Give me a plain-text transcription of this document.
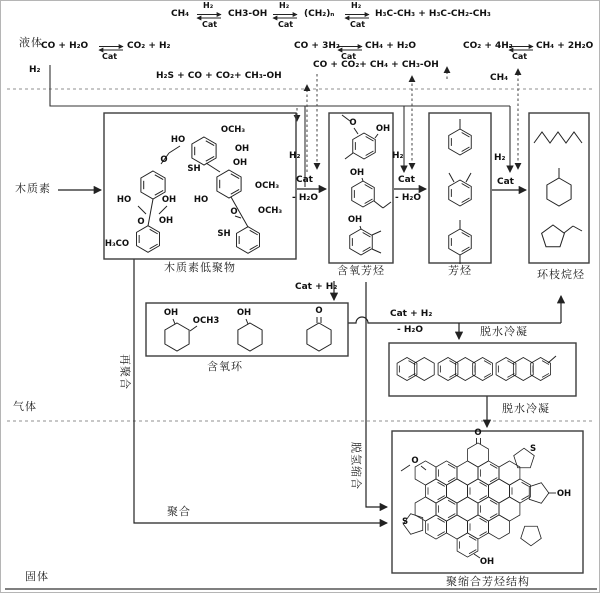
OCH₃
HO
OH
OH
OCH₃
O
SH
HO	OH HO
O OH
H₃CO
O OCH₃
SH
O
OH
OH
OH
OH
OCH3
OH	O
O
S
OH
O
S
OH
CH₄
H₂
Cat
CH3-OH
H₂
Cat
(CH₂)ₙ
H₂
Cat
H₃C-CH₃ + H₃C-CH₂-CH₃
CO + H₂O
Cat
CO₂ + H₂	CO + 3H₂
Cat
CH₄ + H₂O	CO₂ + 4H₂
Cat
CH₄ + 2H₂O
H₂S + CO + CO₂+ CH₃-OH
CO + CO₂+ CH₄ + CH₃-OH
CH₄
液体
气体
固体
H₂
木质素
H₂
Cat
- H₂O
H₂
Cat
- H₂O
H₂
Cat
Cat + H₂
Cat + H₂
- H₂O
木质素低聚物	含氧芳烃	芳烃	环枝烷烃
含氧环
脱水冷凝
脱水冷凝
聚缩合芳烃结构
聚合
再聚合
脱氢缩合
